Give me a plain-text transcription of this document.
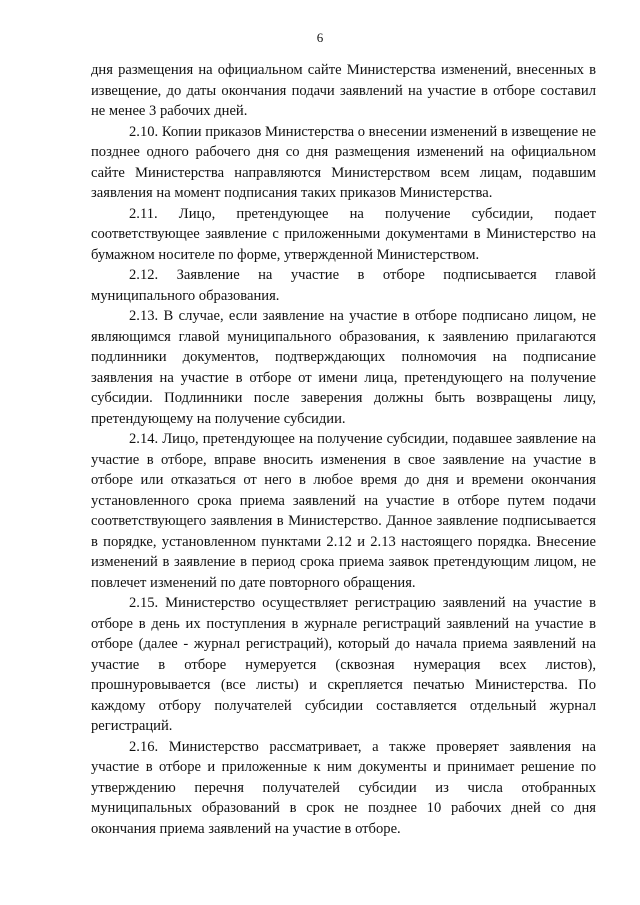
6

дня размещения на официальном сайте Министерства изменений, внесенных в извещение, до даты окончания подачи заявлений на участие в отборе составил не менее 3 рабочих дней.

2.10. Копии приказов Министерства о внесении изменений в извещение не позднее одного рабочего дня со дня размещения изменений на официальном сайте Министерства направляются Министерством всем лицам, подавшим заявления на момент подписания таких приказов Министерства.

2.11. Лицо, претендующее на получение субсидии, подает соответствующее заявление с приложенными документами в Министерство на бумажном носителе по форме, утвержденной Министерством.

2.12. Заявление на участие в отборе подписывается главой муниципального образования.

2.13. В случае, если заявление на участие в отборе подписано лицом, не являющимся главой муниципального образования, к заявлению прилагаются подлинники документов, подтверждающих полномочия на подписание заявления на участие в отборе от имени лица, претендующего на получение субсидии. Подлинники после заверения должны быть возвращены лицу, претендующему на получение субсидии.

2.14. Лицо, претендующее на получение субсидии, подавшее заявление на участие в отборе, вправе вносить изменения в свое заявление на участие в отборе или отказаться от него в любое время до дня и времени окончания установленного срока приема заявлений на участие в отборе путем подачи соответствующего заявления в Министерство. Данное заявление подписывается в порядке, установленном пунктами 2.12 и 2.13 настоящего порядка. Внесение изменений в заявление в период срока приема заявок претендующим лицом, не повлечет изменений по дате повторного обращения.

2.15. Министерство осуществляет регистрацию заявлений на участие в отборе в день их поступления в журнале регистраций заявлений на участие в отборе (далее - журнал регистраций), который до начала приема заявлений на участие в отборе нумеруется (сквозная нумерация всех листов), прошнуровывается (все листы) и скрепляется печатью Министерства. По каждому отбору получателей субсидии составляется отдельный журнал регистраций.

2.16. Министерство рассматривает, а также проверяет заявления на участие в отборе и приложенные к ним документы и принимает решение по утверждению перечня получателей субсидии из числа отобранных муниципальных образований в срок не позднее 10 рабочих дней со дня окончания приема заявлений на участие в отборе.
